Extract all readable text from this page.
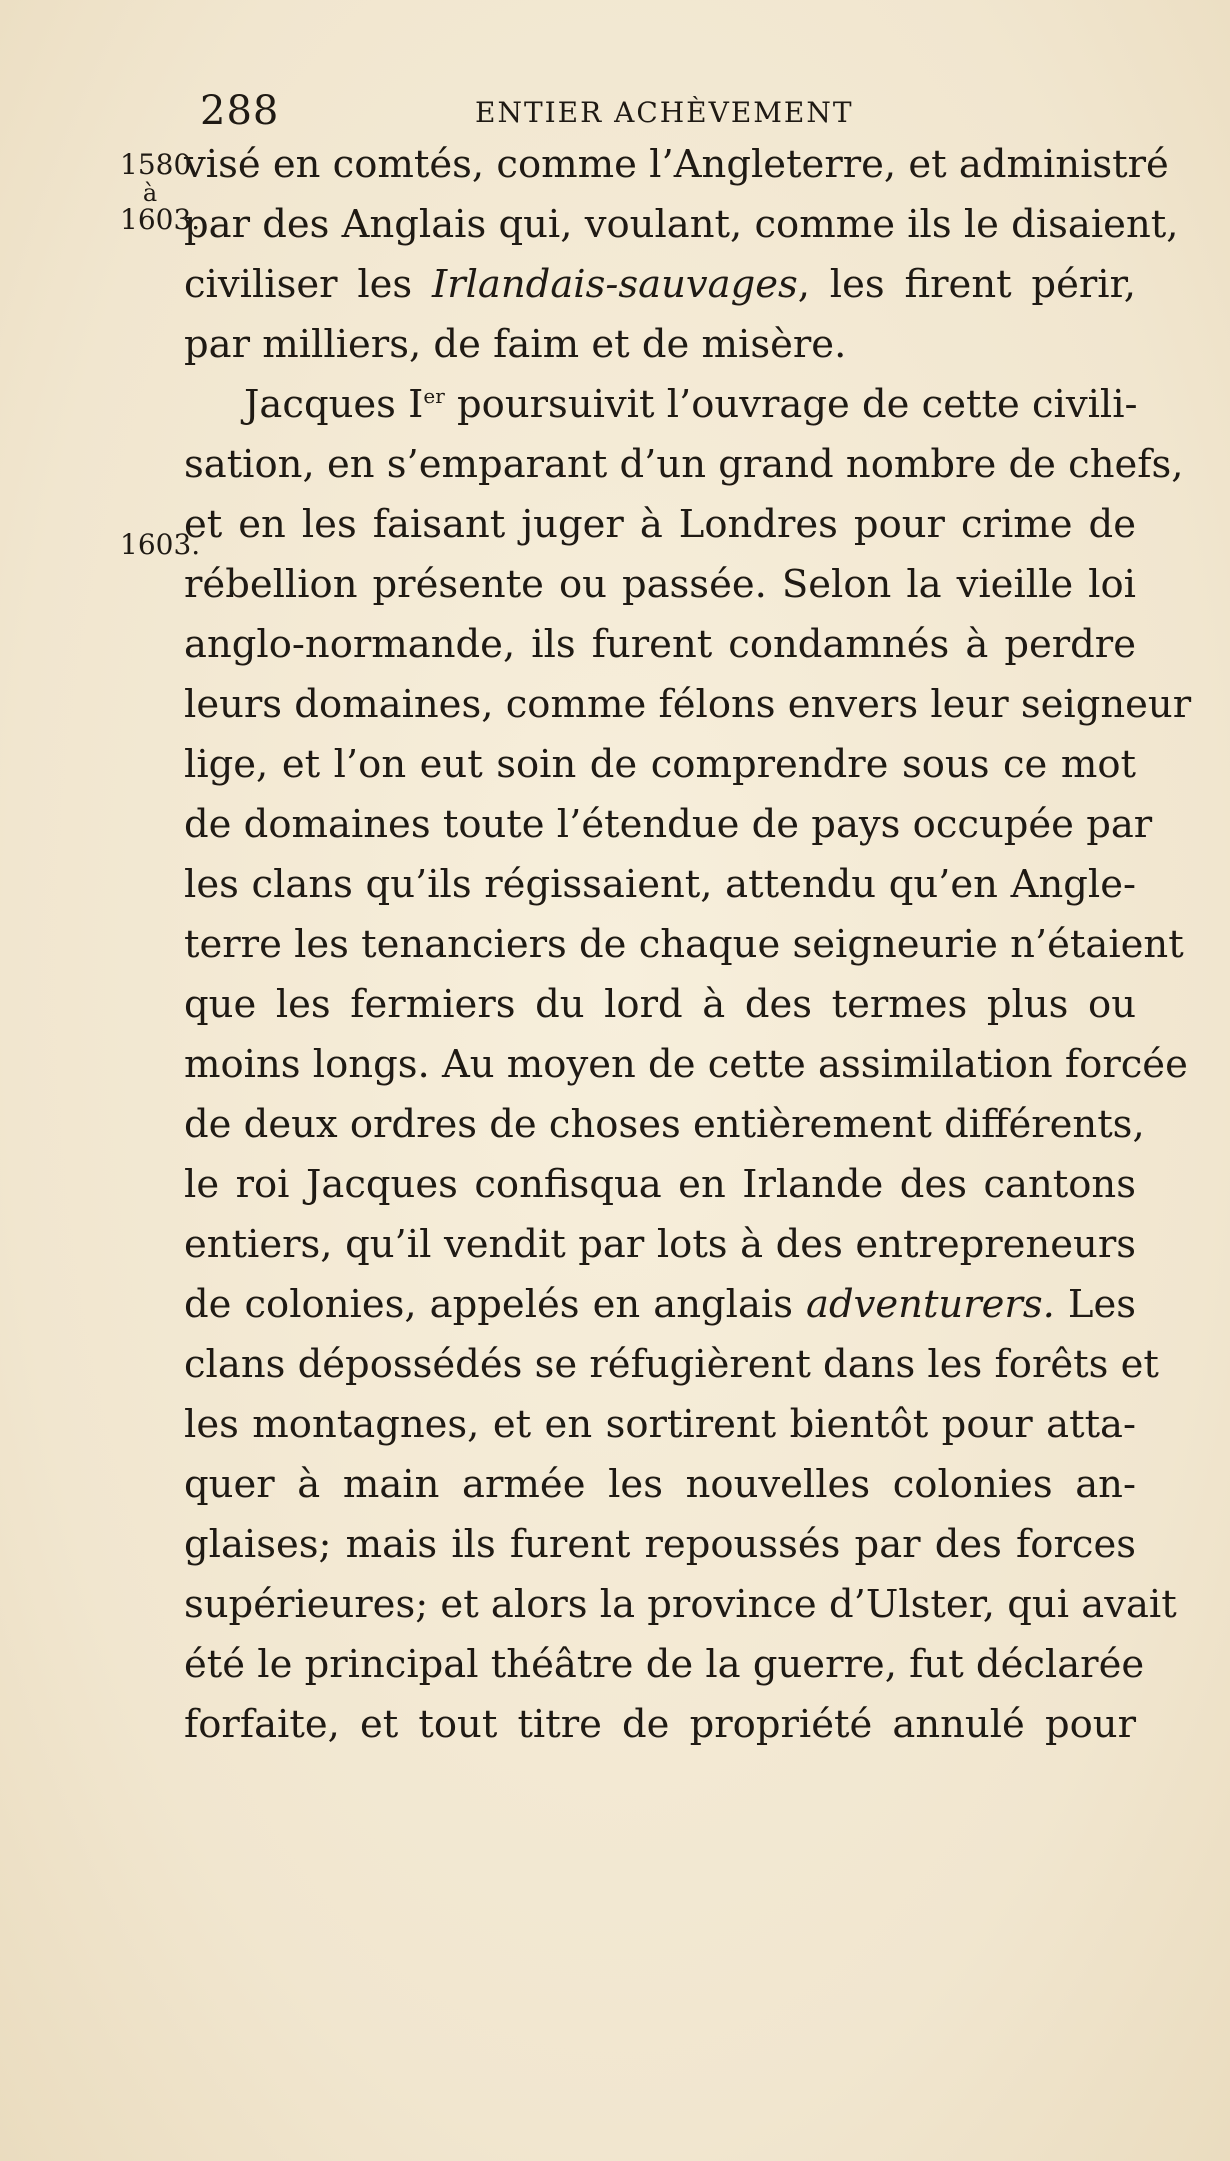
288	ENTIER ACHÈVEMENT
1580
à
1603.
1603.
visé en comtés, comme l’Angleterre, et administré
par des Anglais qui, voulant, comme ils le disaient,
civiliser les Irlandais-sauvages, les firent périr,
par milliers, de faim et de misère.
Jacques Ier poursuivit l’ouvrage de cette civili-
sation, en s’emparant d’un grand nombre de chefs,
et en les faisant juger à Londres pour crime de
rébellion présente ou passée. Selon la vieille loi
anglo-normande, ils furent condamnés à perdre
leurs domaines, comme félons envers leur seigneur
lige, et l’on eut soin de comprendre sous ce mot
de domaines toute l’étendue de pays occupée par
les clans qu’ils régissaient, attendu qu’en Angle-
terre les tenanciers de chaque seigneurie n’étaient
que les fermiers du lord à des termes plus ou
moins longs. Au moyen de cette assimilation forcée
de deux ordres de choses entièrement différents,
le roi Jacques confisqua en Irlande des cantons
entiers, qu’il vendit par lots à des entrepreneurs
de colonies, appelés en anglais adventurers. Les
clans dépossédés se réfugièrent dans les forêts et
les montagnes, et en sortirent bientôt pour atta-
quer à main armée les nouvelles colonies an-
glaises; mais ils furent repoussés par des forces
supérieures; et alors la province d’Ulster, qui avait
été le principal théâtre de la guerre, fut déclarée
forfaite, et tout titre de propriété annulé pour
